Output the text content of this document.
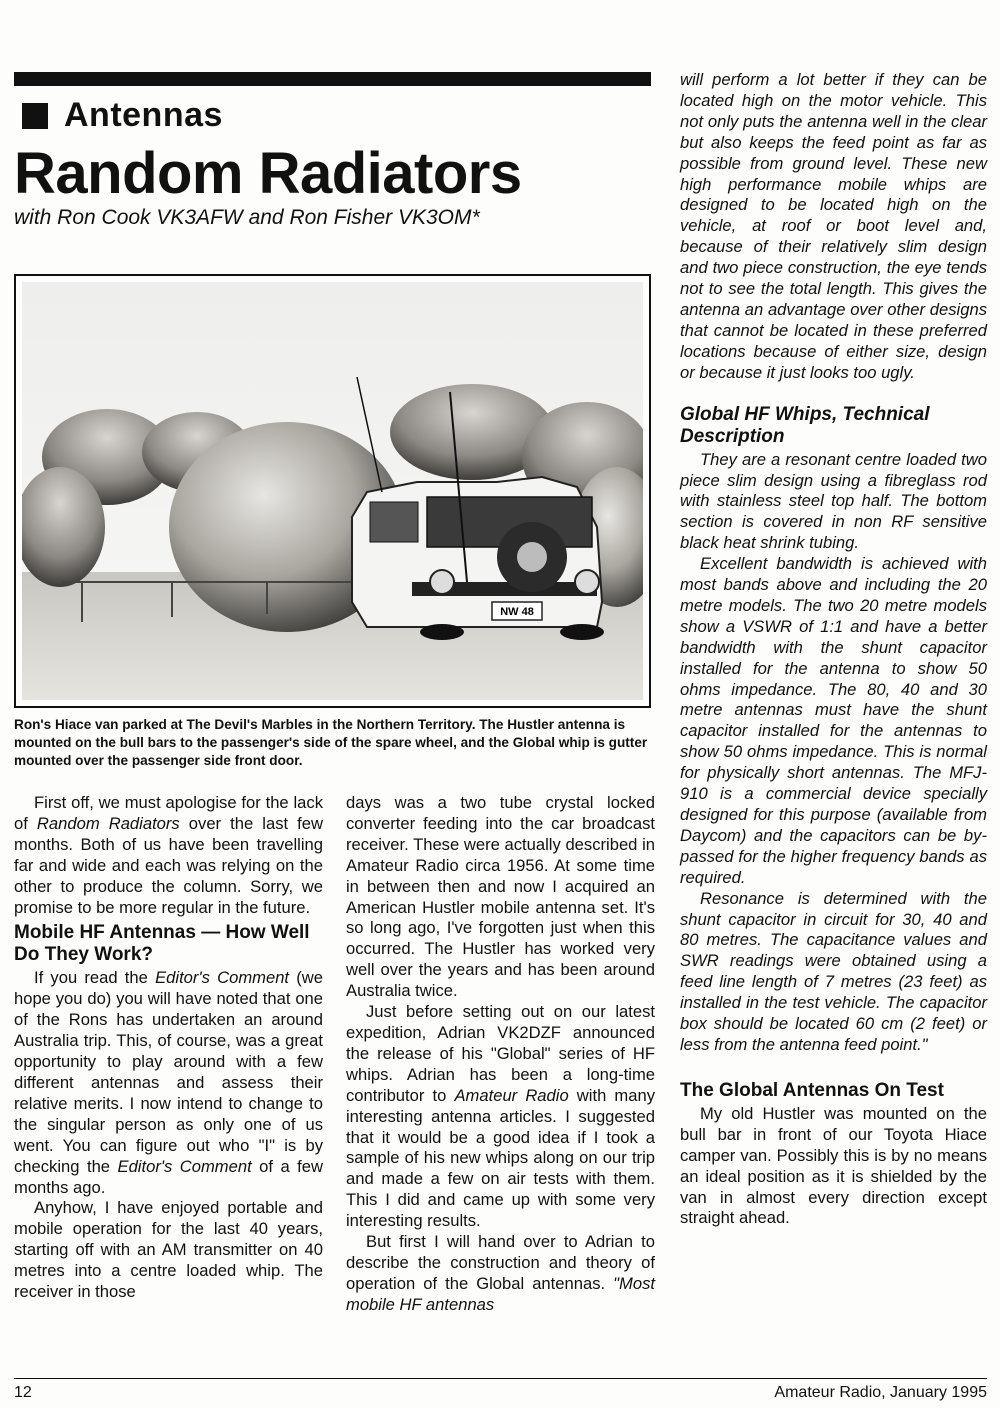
Antennas
Random Radiators
with Ron Cook VK3AFW and Ron Fisher VK3OM*
NW 48
Ron's Hiace van parked at The Devil's Marbles in the Northern Territory. The Hustler antenna is mounted on the bull bars to the passenger's side of the spare wheel, and the Global whip is gutter mounted over the passenger side front door.

First off, we must apologise for the lack of Random Radiators over the last few months. Both of us have been travelling far and wide and each was relying on the other to produce the column. Sorry, we promise to be more regular in the future.

Mobile HF Antennas — How Well Do They Work?

If you read the Editor's Comment (we hope you do) you will have noted that one of the Rons has undertaken an around Australia trip. This, of course, was a great opportunity to play around with a few different antennas and assess their relative merits. I now intend to change to the singular person as only one of us went. You can figure out who "I" is by checking the Editor's Comment of a few months ago.

Anyhow, I have enjoyed portable and mobile operation for the last 40 years, starting off with an AM transmitter on 40 metres into a centre loaded whip. The receiver in those

days was a two tube crystal locked converter feeding into the car broadcast receiver. These were actually described in Amateur Radio circa 1956. At some time in between then and now I acquired an American Hustler mobile antenna set. It's so long ago, I've forgotten just when this occurred. The Hustler has worked very well over the years and has been around Australia twice.

Just before setting out on our latest expedition, Adrian VK2DZF announced the release of his "Global" series of HF whips. Adrian has been a long-time contributor to Amateur Radio with many interesting antenna articles. I suggested that it would be a good idea if I took a sample of his new whips along on our trip and made a few on air tests with them. This I did and came up with some very interesting results.

But first I will hand over to Adrian to describe the construction and theory of operation of the Global antennas. "Most mobile HF antennas

will perform a lot better if they can be located high on the motor vehicle. This not only puts the antenna well in the clear but also keeps the feed point as far as possible from ground level. These new high performance mobile whips are designed to be located high on the vehicle, at roof or boot level and, because of their relatively slim design and two piece construction, the eye tends not to see the total length. This gives the antenna an advantage over other designs that cannot be located in these preferred locations because of either size, design or because it just looks too ugly.

Global HF Whips, Technical Description

They are a resonant centre loaded two piece slim design using a fibreglass rod with stainless steel top half. The bottom section is covered in non RF sensitive black heat shrink tubing.

Excellent bandwidth is achieved with most bands above and including the 20 metre models. The two 20 metre models show a VSWR of 1:1 and have a better bandwidth with the shunt capacitor installed for the antenna to show 50 ohms impedance. The 80, 40 and 30 metre antennas must have the shunt capacitor installed for the antennas to show 50 ohms impedance. This is normal for physically short antennas. The MFJ-910 is a commercial device specially designed for this purpose (available from Daycom) and the capacitors can be by-passed for the higher frequency bands as required.

Resonance is determined with the shunt capacitor in circuit for 30, 40 and 80 metres. The capacitance values and SWR readings were obtained using a feed line length of 7 metres (23 feet) as installed in the test vehicle. The capacitor box should be located 60 cm (2 feet) or less from the antenna feed point."

The Global Antennas On Test

My old Hustler was mounted on the bull bar in front of our Toyota Hiace camper van. Possibly this is by no means an ideal position as it is shielded by the van in almost every direction except straight ahead.

12	Amateur Radio, January 1995
